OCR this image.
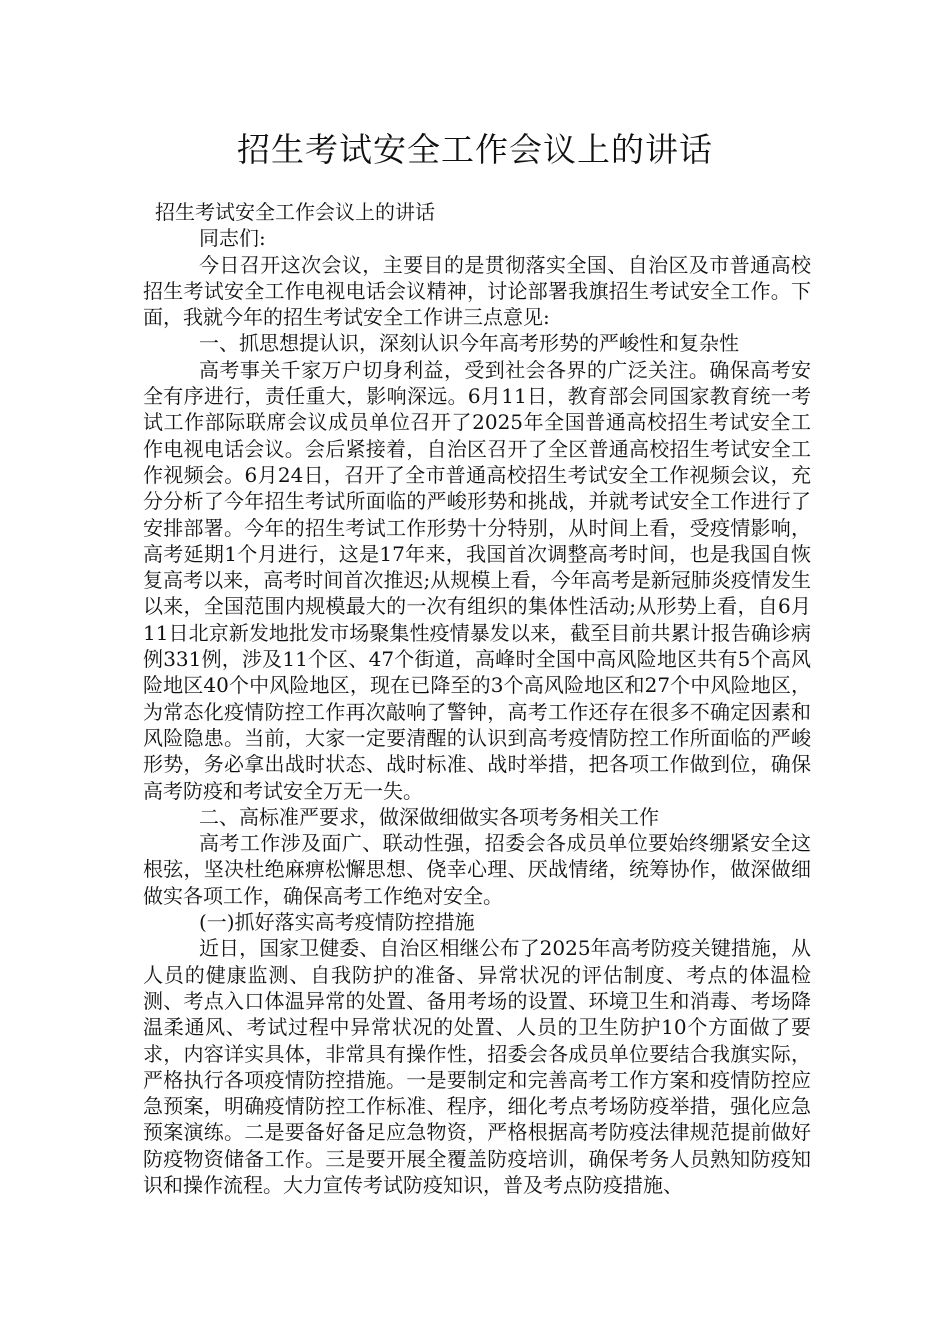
招生考试安全工作会议上的讲话

招生考试安全工作会议上的讲话

同志们:

今日召开这次会议，主要目的是贯彻落实全国、自治区及市普通高校招生考试安全工作电视电话会议精神，讨论部署我旗招生考试安全工作。下面，我就今年的招生考试安全工作讲三点意见:

一、抓思想提认识，深刻认识今年高考形势的严峻性和复杂性

高考事关千家万户切身利益，受到社会各界的广泛关注。确保高考安全有序进行，责任重大，影响深远。6月11日，教育部会同国家教育统一考试工作部际联席会议成员单位召开了2025年全国普通高校招生考试安全工作电视电话会议。会后紧接着，自治区召开了全区普通高校招生考试安全工作视频会。6月24日，召开了全市普通高校招生考试安全工作视频会议，充分分析了今年招生考试所面临的严峻形势和挑战，并就考试安全工作进行了安排部署。今年的招生考试工作形势十分特别，从时间上看，受疫情影响，高考延期1个月进行，这是17年来，我国首次调整高考时间，也是我国自恢复高考以来，高考时间首次推迟;从规模上看，今年高考是新冠肺炎疫情发生以来，全国范围内规模最大的一次有组织的集体性活动;从形势上看，自6月11日北京新发地批发市场聚集性疫情暴发以来，截至目前共累计报告确诊病例331例，涉及11个区、47个街道，高峰时全国中高风险地区共有5个高风险地区40个中风险地区，现在已降至的3个高风险地区和27个中风险地区，为常态化疫情防控工作再次敲响了警钟，高考工作还存在很多不确定因素和风险隐患。当前，大家一定要清醒的认识到高考疫情防控工作所面临的严峻形势，务必拿出战时状态、战时标准、战时举措，把各项工作做到位，确保高考防疫和考试安全万无一失。

二、高标准严要求，做深做细做实各项考务相关工作

高考工作涉及面广、联动性强，招委会各成员单位要始终绷紧安全这根弦，坚决杜绝麻痹松懈思想、侥幸心理、厌战情绪，统筹协作，做深做细做实各项工作，确保高考工作绝对安全。

(一)抓好落实高考疫情防控措施

近日，国家卫健委、自治区相继公布了2025年高考防疫关键措施，从人员的健康监测、自我防护的准备、异常状况的评估制度、考点的体温检测、考点入口体温异常的处置、备用考场的设置、环境卫生和消毒、考场降温柔通风、考试过程中异常状况的处置、人员的卫生防护10个方面做了要求，内容详实具体，非常具有操作性，招委会各成员单位要结合我旗实际，严格执行各项疫情防控措施。一是要制定和完善高考工作方案和疫情防控应急预案，明确疫情防控工作标准、程序，细化考点考场防疫举措，强化应急预案演练。二是要备好备足应急物资，严格根据高考防疫法律规范提前做好防疫物资储备工作。三是要开展全覆盖防疫培训，确保考务人员熟知防疫知识和操作流程。大力宣传考试防疫知识，普及考点防疫措施、
